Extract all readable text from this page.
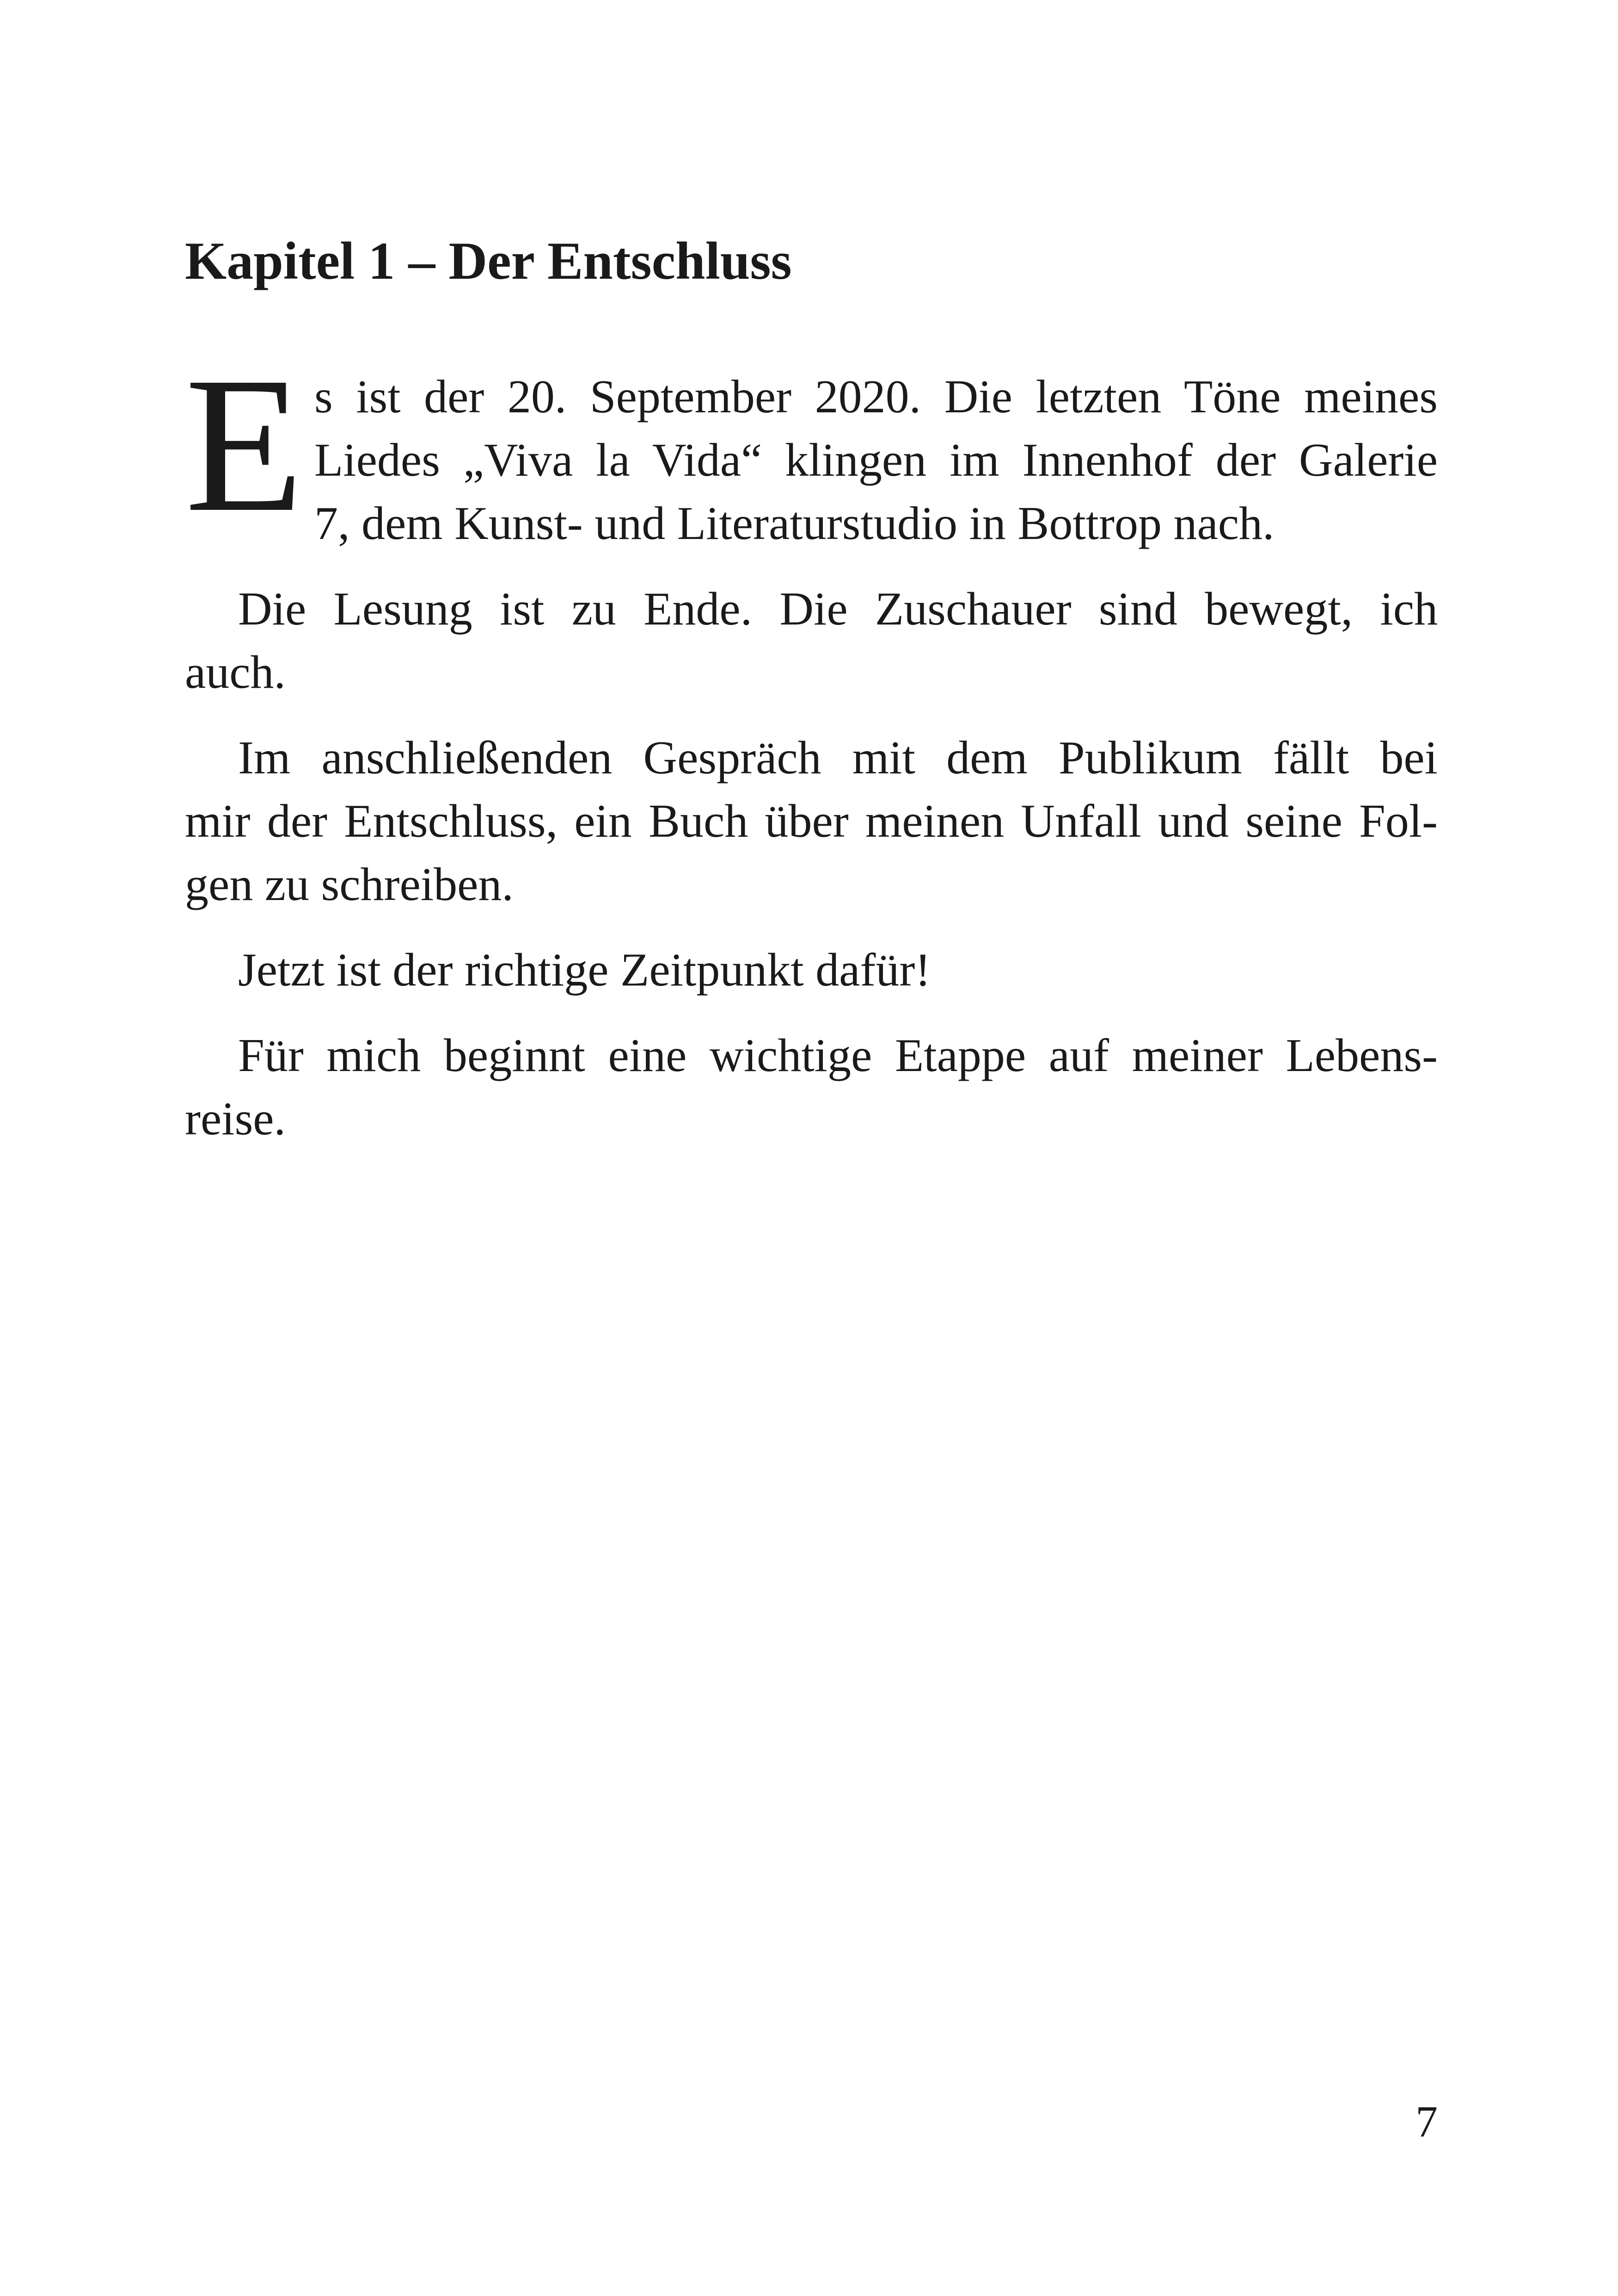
Kapitel 1 – Der Entschluss
E s ist der 20. September 2020. Die letzten Töne meines
Liedes „Viva la Vida“ klingen im Innenhof der Galerie
7, dem Kunst- und Literaturstudio in Bottrop nach.
Die Lesung ist zu Ende. Die Zuschauer sind bewegt, ich
auch.
Im anschließenden Gespräch mit dem Publikum fällt bei
mir der Entschluss, ein Buch über meinen Unfall und seine Fol-
gen zu schreiben.
Jetzt ist der richtige Zeitpunkt dafür!
Für mich beginnt eine wichtige Etappe auf meiner Lebens-
reise.
7
